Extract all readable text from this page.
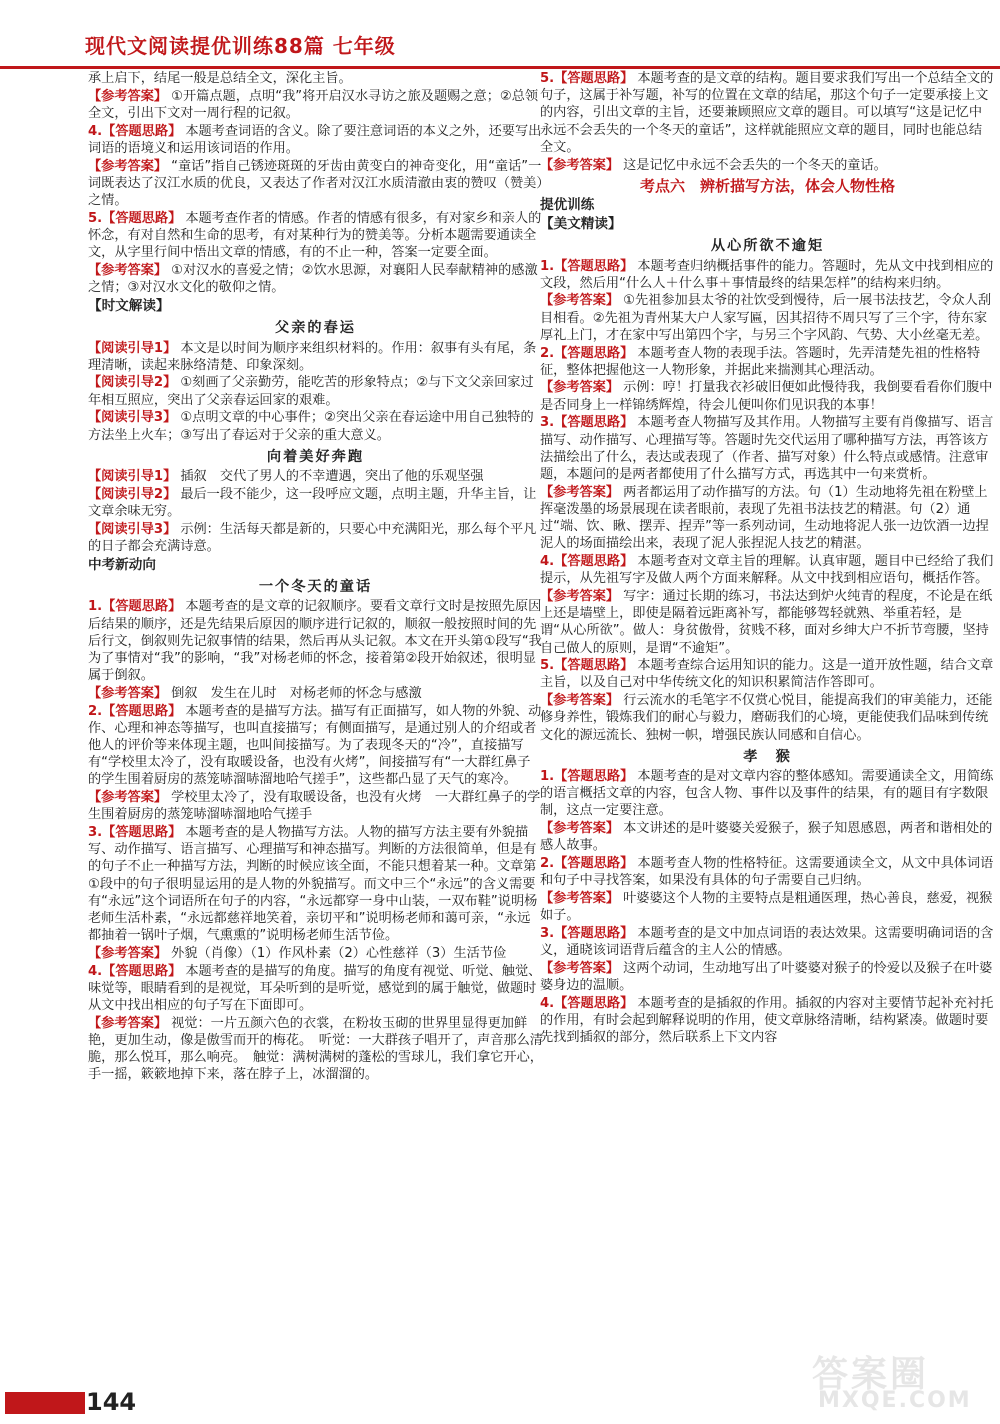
现代文阅读提优训练88篇 七年级

承上启下，结尾一般是总结全文，深化主旨。

【参考答案】 ①开篇点题，点明“我”将开启汉水寻访之旅及题赐之意；②总领全文，引出下文对一周行程的记叙。

4.【答题思路】 本题考查词语的含义。除了要注意词语的本义之外，还要写出词语的语境义和运用该词语的作用。

【参考答案】 “童话”指自己锈迹斑斑的牙齿由黄变白的神奇变化，用“童话”一词既表达了汉江水质的优良，又表达了作者对汉江水质清澈由衷的赞叹（赞美）之情。

5.【答题思路】 本题考查作者的情感。作者的情感有很多，有对家乡和亲人的怀念，有对自然和生命的思考，有对某种行为的赞美等。分析本题需要通读全文，从字里行间中悟出文章的情感，有的不止一种，答案一定要全面。

【参考答案】 ①对汉水的喜爱之情；②饮水思源，对襄阳人民奉献精神的感激之情；③对汉水文化的敬仰之情。

【时文解读】
父亲的春运

【阅读引导1】 本文是以时间为顺序来组织材料的。作用：叙事有头有尾，条理清晰，读起来脉络清楚、印象深刻。

【阅读引导2】 ①刻画了父亲勤劳，能吃苦的形象特点；②与下文父亲回家过年相互照应，突出了父亲春运回家的艰难。

【阅读引导3】 ①点明文章的中心事件；②突出父亲在春运途中用自己独特的方法坐上火车；③写出了春运对于父亲的重大意义。

向着美好奔跑

【阅读引导1】 插叙　交代了男人的不幸遭遇，突出了他的乐观坚强

【阅读引导2】 最后一段不能少，这一段呼应文题，点明主题，升华主旨，让文章余味无穷。

【阅读引导3】 示例：生活每天都是新的，只要心中充满阳光，那么每个平凡的日子都会充满诗意。

中考新动向
一个冬天的童话

1.【答题思路】 本题考查的是文章的记叙顺序。要看文章行文时是按照先原因后结果的顺序，还是先结果后原因的顺序进行记叙的，顺叙一般按照时间的先后行文，倒叙则先记叙事情的结果，然后再从头记叙。本文在开头第①段写“我为了事情对“我”的影响，“我”对杨老师的怀念，接着第②段开始叙述，很明显属于倒叙。

【参考答案】 倒叙　发生在儿时　对杨老师的怀念与感激

2.【答题思路】 本题考查的是描写方法。描写有正面描写，如人物的外貌、动作、心理和神态等描写，也叫直接描写；有侧面描写，是通过别人的介绍或者他人的评价等来体现主题，也叫间接描写。为了表现冬天的“冷”，直接描写有“学校里太冷了，没有取暖设备，也没有火烤”，间接描写有“一大群红鼻子的学生围着厨房的蒸笼哧溜哧溜地哈气搓手”，这些都凸显了天气的寒冷。

【参考答案】 学校里太冷了，没有取暖设备，也没有火烤　一大群红鼻子的学生围着厨房的蒸笼哧溜哧溜地哈气搓手

3.【答题思路】 本题考查的是人物描写方法。人物的描写方法主要有外貌描写、动作描写、语言描写、心理描写和神态描写。判断的方法很简单，但是有的句子不止一种描写方法，判断的时候应该全面，不能只想着某一种。文章第①段中的句子很明显运用的是人物的外貌描写。而文中三个“永远”的含义需要有“永远”这个词语所在句子的内容，“永远都穿一身中山装，一双布鞋”说明杨老师生活朴素，“永远都慈祥地笑着，亲切平和”说明杨老师和蔼可亲，“永远都抽着一锅叶子烟，气熏熏的”说明杨老师生活节俭。

【参考答案】 外貌（肖像）（1）作风朴素（2）心性慈祥（3）生活节俭

4.【答题思路】 本题考查的是描写的角度。描写的角度有视觉、听觉、触觉、味觉等，眼睛看到的是视觉，耳朵听到的是听觉，感觉到的属于触觉，做题时从文中找出相应的句子写在下面即可。

【参考答案】 视觉：一片五颜六色的衣裳，在粉妆玉砌的世界里显得更加鲜艳，更加生动，像是傲雪而开的梅花。　听觉：一大群孩子唱开了，声音那么清脆，那么悦耳，那么响亮。　触觉：满树满树的蓬松的雪球儿，我们拿它开心，手一摇，簌簌地掉下来，落在脖子上，冰溜溜的。

5.【答题思路】 本题考查的是文章的结构。题目要求我们写出一个总结全文的句子，这属于补写题，补写的位置在文章的结尾，那这个句子一定要承接上文的内容，引出文章的主旨，还要兼顾照应文章的题目。可以填写“这是记忆中永远不会丢失的一个冬天的童话”，这样就能照应文章的题目，同时也能总结全文。

【参考答案】 这是记忆中永远不会丢失的一个冬天的童话。

考点六　辨析描写方法，体会人物性格
提优训练
【美文精读】
从心所欲不逾矩

1.【答题思路】 本题考查归纳概括事件的能力。答题时，先从文中找到相应的文段，然后用“什么人＋什么事＋事情最终的结果怎样”的结构来归纳。

【参考答案】 ①先祖参加县太爷的社饮受到慢待，后一展书法技艺，令众人刮目相看。②先祖为青州某大户人家写匾，因其招待不周只写了三个字，待东家厚礼上门，才在家中写出第四个字，与另三个字风韵、气势、大小丝毫无差。

2.【答题思路】 本题考查人物的表现手法。答题时，先弄清楚先祖的性格特征，整体把握他这一人物形象，并据此来揣测其心理活动。

【参考答案】 示例：哼！打量我衣衫破旧便如此慢待我，我倒要看看你们腹中是否同身上一样锦绣辉煌，待会儿便叫你们见识我的本事！

3.【答题思路】 本题考查人物描写及其作用。人物描写主要有肖像描写、语言描写、动作描写、心理描写等。答题时先交代运用了哪种描写方法，再答该方法描绘出了什么，表达或表现了（作者、描写对象）什么特点或感情。注意审题，本题问的是两者都使用了什么描写方式，再选其中一句来赏析。

【参考答案】 两者都运用了动作描写的方法。句（1）生动地将先祖在粉壁上挥毫泼墨的场景展现在读者眼前，表现了先祖书法技艺的精湛。句（2）通过“端、饮、瞅、摆弄、捏弄”等一系列动词，生动地将泥人张一边饮酒一边捏泥人的场面描绘出来，表现了泥人张捏泥人技艺的精湛。

4.【答题思路】 本题考查对文章主旨的理解。认真审题，题目中已经给了我们提示，从先祖写字及做人两个方面来解释。从文中找到相应语句，概括作答。

【参考答案】 写字：通过长期的练习，书法达到炉火纯青的程度，不论是在纸上还是墙壁上，即使是隔着远距离补写，都能够驾轻就熟、举重若轻，是谓“从心所欲”。做人：身贫傲骨，贫贱不移，面对乡绅大户不折节弯腰，坚持自己做人的原则，是谓“不逾矩”。

5.【答题思路】 本题考查综合运用知识的能力。这是一道开放性题，结合文章主旨，以及自己对中华传统文化的知识积累简洁作答即可。

【参考答案】 行云流水的毛笔字不仅赏心悦目，能提高我们的审美能力，还能修身养性，锻炼我们的耐心与毅力，磨砺我们的心境，更能使我们品味到传统文化的源远流长、独树一帜，增强民族认同感和自信心。

孝　猴

1.【答题思路】 本题考查的是对文章内容的整体感知。需要通读全文，用简练的语言概括文章的内容，包含人物、事件以及事件的结果，有的题目有字数限制，这点一定要注意。

【参考答案】 本文讲述的是叶婆婆关爱猴子，猴子知恩感恩，两者和谐相处的感人故事。

2.【答题思路】 本题考查人物的性格特征。这需要通读全文，从文中具体词语和句子中寻找答案，如果没有具体的句子需要自己归纳。

【参考答案】 叶婆婆这个人物的主要特点是粗通医理，热心善良，慈爱，视猴如子。

3.【答题思路】 本题考查的是文中加点词语的表达效果。这需要明确词语的含义，通晓该词语背后蕴含的主人公的情感。

【参考答案】 这两个动词，生动地写出了叶婆婆对猴子的怜爱以及猴子在叶婆婆身边的温顺。

4.【答题思路】 本题考查的是插叙的作用。插叙的内容对主要情节起补充衬托的作用，有时会起到解释说明的作用，使文章脉络清晰，结构紧凑。做题时要先找到插叙的部分，然后联系上下文内容

144
答案圈
MXQE.COM
